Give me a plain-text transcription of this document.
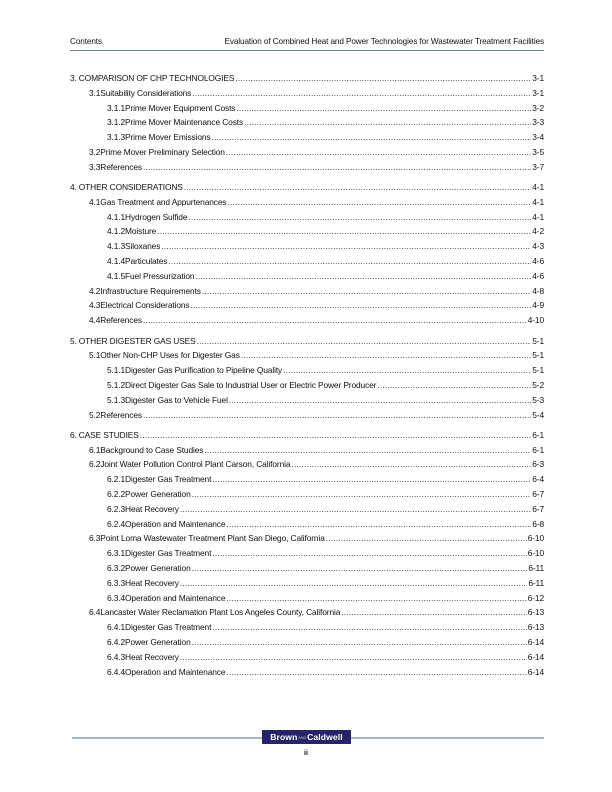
Contents	Evaluation of Combined Heat and Power Technologies for Wastewater Treatment Facilities
3. COMPARISON OF CHP TECHNOLOGIES .....	3-1
3.1 Suitability Considerations .....	3-1
3.1.1 Prime Mover Equipment Costs .....	3-2
3.1.2 Prime Mover Maintenance Costs .....	3-3
3.1.3 Prime Mover Emissions .....	3-4
3.2 Prime Mover Preliminary Selection .....	3-5
3.3 References .....	3-7
4. OTHER CONSIDERATIONS .....	4-1
4.1 Gas Treatment and Appurtenances .....	4-1
4.1.1 Hydrogen Sulfide .....	4-1
4.1.2 Moisture .....	4-2
4.1.3 Siloxanes .....	4-3
4.1.4 Particulates .....	4-6
4.1.5 Fuel Pressurization .....	4-6
4.2 Infrastructure Requirements .....	4-8
4.3 Electrical Considerations .....	4-9
4.4 References .....	4-10
5. OTHER DIGESTER GAS USES .....	5-1
5.1 Other Non-CHP Uses for Digester Gas .....	5-1
5.1.1 Digester Gas Purification to Pipeline Quality .....	5-1
5.1.2 Direct Digester Gas Sale to Industrial User or Electric Power Producer .....	5-2
5.1.3 Digester Gas to Vehicle Fuel .....	5-3
5.2 References .....	5-4
6. CASE STUDIES .....	6-1
6.1 Background to Case Studies .....	6-1
6.2 Joint Water Pollution Control Plant Carson, California .....	6-3
6.2.1 Digester Gas Treatment .....	6-4
6.2.2 Power Generation .....	6-7
6.2.3 Heat Recovery .....	6-7
6.2.4 Operation and Maintenance .....	6-8
6.3 Point Loma Wastewater Treatment Plant San Diego, California .....	6-10
6.3.1 Digester Gas Treatment .....	6-10
6.3.2 Power Generation .....	6-11
6.3.3 Heat Recovery .....	6-11
6.3.4 Operation and Maintenance .....	6-12
6.4 Lancaster Water Reclamation Plant Los Angeles County, California .....	6-13
6.4.1 Digester Gas Treatment .....	6-13
6.4.2 Power Generation .....	6-14
6.4.3 Heat Recovery .....	6-14
6.4.4 Operation and Maintenance .....	6-14
BrownANDCaldwell
ii
